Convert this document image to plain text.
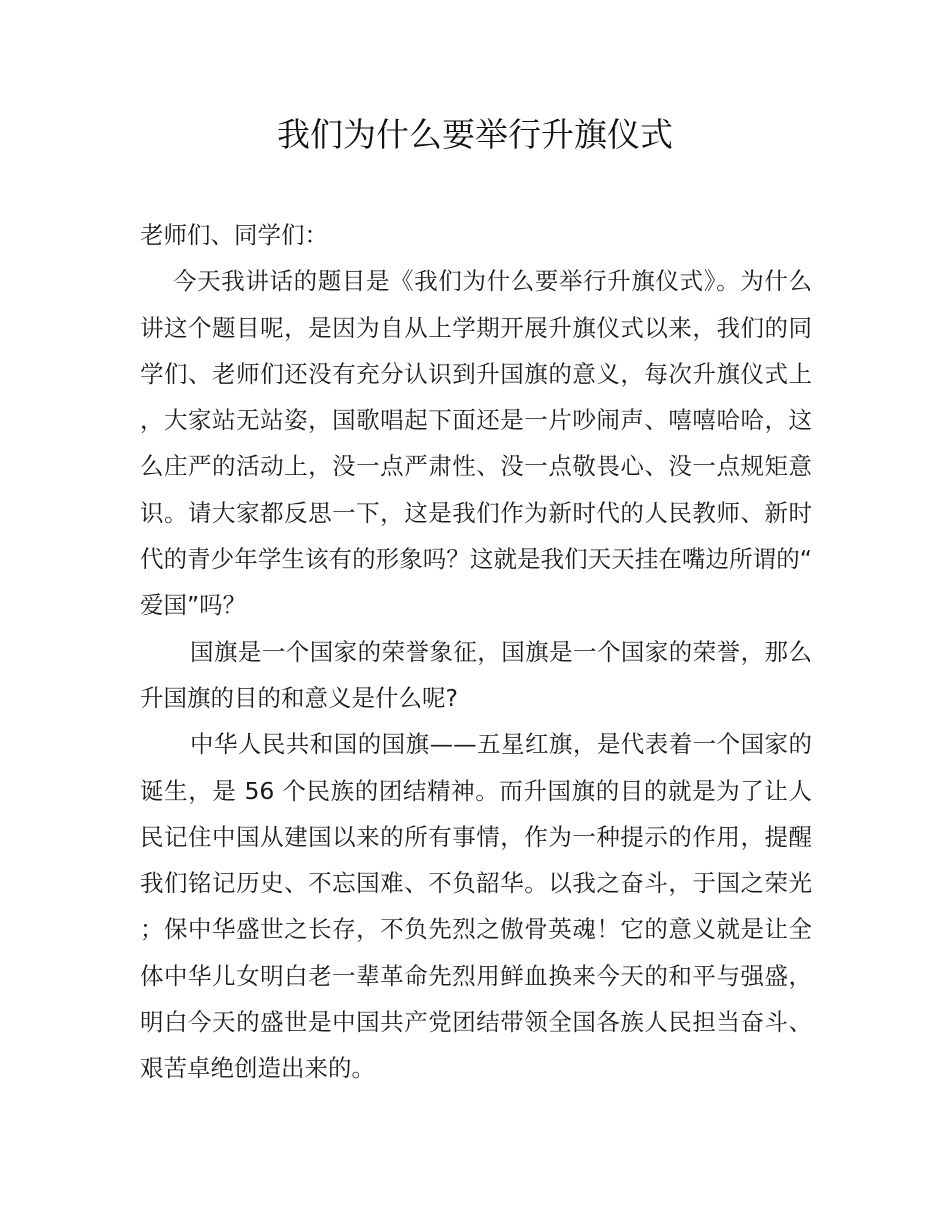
我们为什么要举行升旗仪式

老师们、同学们：

今天我讲话的题目是《我们为什么要举行升旗仪式》。为什么讲这个题目呢，是因为自从上学期开展升旗仪式以来，我们的同学们、老师们还没有充分认识到升国旗的意义，每次升旗仪式上，大家站无站姿，国歌唱起下面还是一片吵闹声、嘻嘻哈哈，这么庄严的活动上，没一点严肃性、没一点敬畏心、没一点规矩意识。请大家都反思一下，这是我们作为新时代的人民教师、新时代的青少年学生该有的形象吗？这就是我们天天挂在嘴边所谓的“爱国”吗？

国旗是一个国家的荣誉象征，国旗是一个国家的荣誉，那么升国旗的目的和意义是什么呢?

中华人民共和国的国旗——五星红旗，是代表着一个国家的诞生，是 56 个民族的团结精神。而升国旗的目的就是为了让人民记住中国从建国以来的所有事情，作为一种提示的作用，提醒我们铭记历史、不忘国难、不负韶华。以我之奋斗，于国之荣光；保中华盛世之长存，不负先烈之傲骨英魂！它的意义就是让全体中华儿女明白老一辈革命先烈用鲜血换来今天的和平与强盛，明白今天的盛世是中国共产党团结带领全国各族人民担当奋斗、艰苦卓绝创造出来的。
